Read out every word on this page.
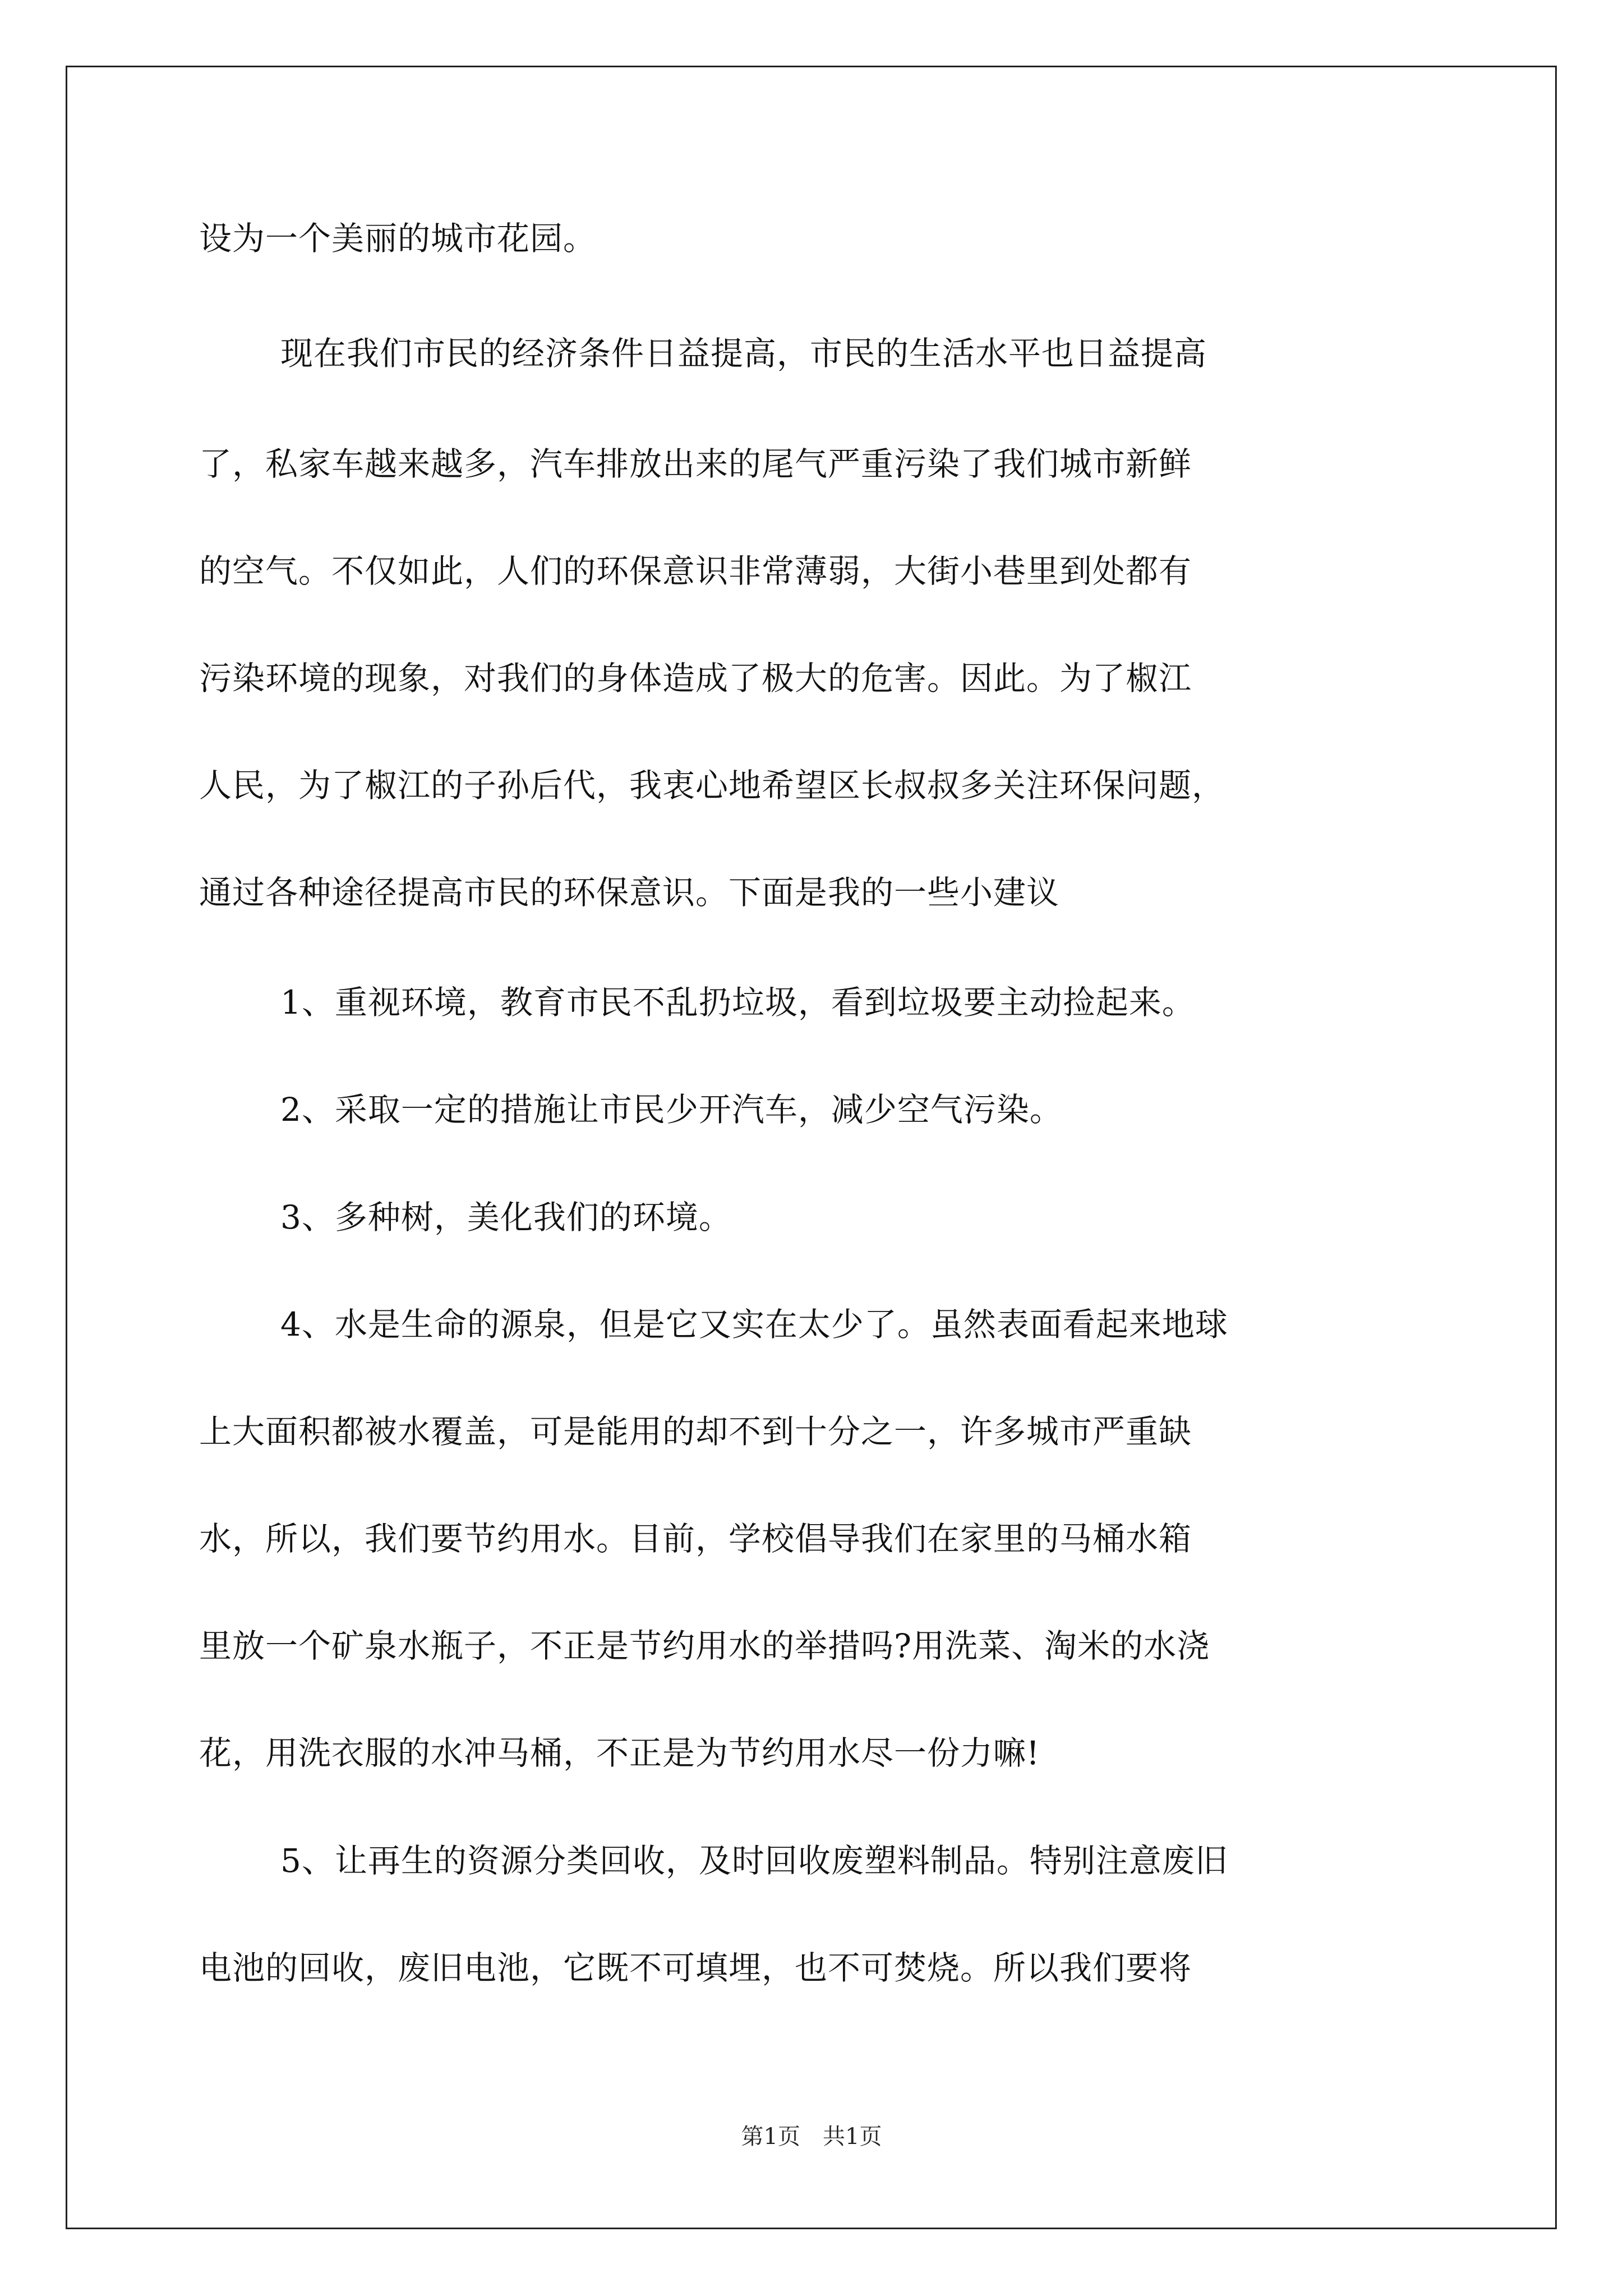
设为一个美丽的城市花园。
现在我们市民的经济条件日益提高，市民的生活水平也日益提高
了，私家车越来越多，汽车排放出来的尾气严重污染了我们城市新鲜
的空气。不仅如此，人们的环保意识非常薄弱，大街小巷里到处都有
污染环境的现象，对我们的身体造成了极大的危害。因此。为了椒江
人民，为了椒江的子孙后代，我衷心地希望区长叔叔多关注环保问题，
通过各种途径提高市民的环保意识。下面是我的一些小建议
1、重视环境，教育市民不乱扔垃圾，看到垃圾要主动捡起来。
2、采取一定的措施让市民少开汽车，减少空气污染。
3、多种树，美化我们的环境。
4、水是生命的源泉，但是它又实在太少了。虽然表面看起来地球
上大面积都被水覆盖，可是能用的却不到十分之一，许多城市严重缺
水，所以，我们要节约用水。目前，学校倡导我们在家里的马桶水箱
里放一个矿泉水瓶子，不正是节约用水的举措吗?用洗菜、淘米的水浇
花，用洗衣服的水冲马桶，不正是为节约用水尽一份力嘛!
5、让再生的资源分类回收，及时回收废塑料制品。特别注意废旧
电池的回收，废旧电池，它既不可填埋，也不可焚烧。所以我们要将
第1页　共1页
